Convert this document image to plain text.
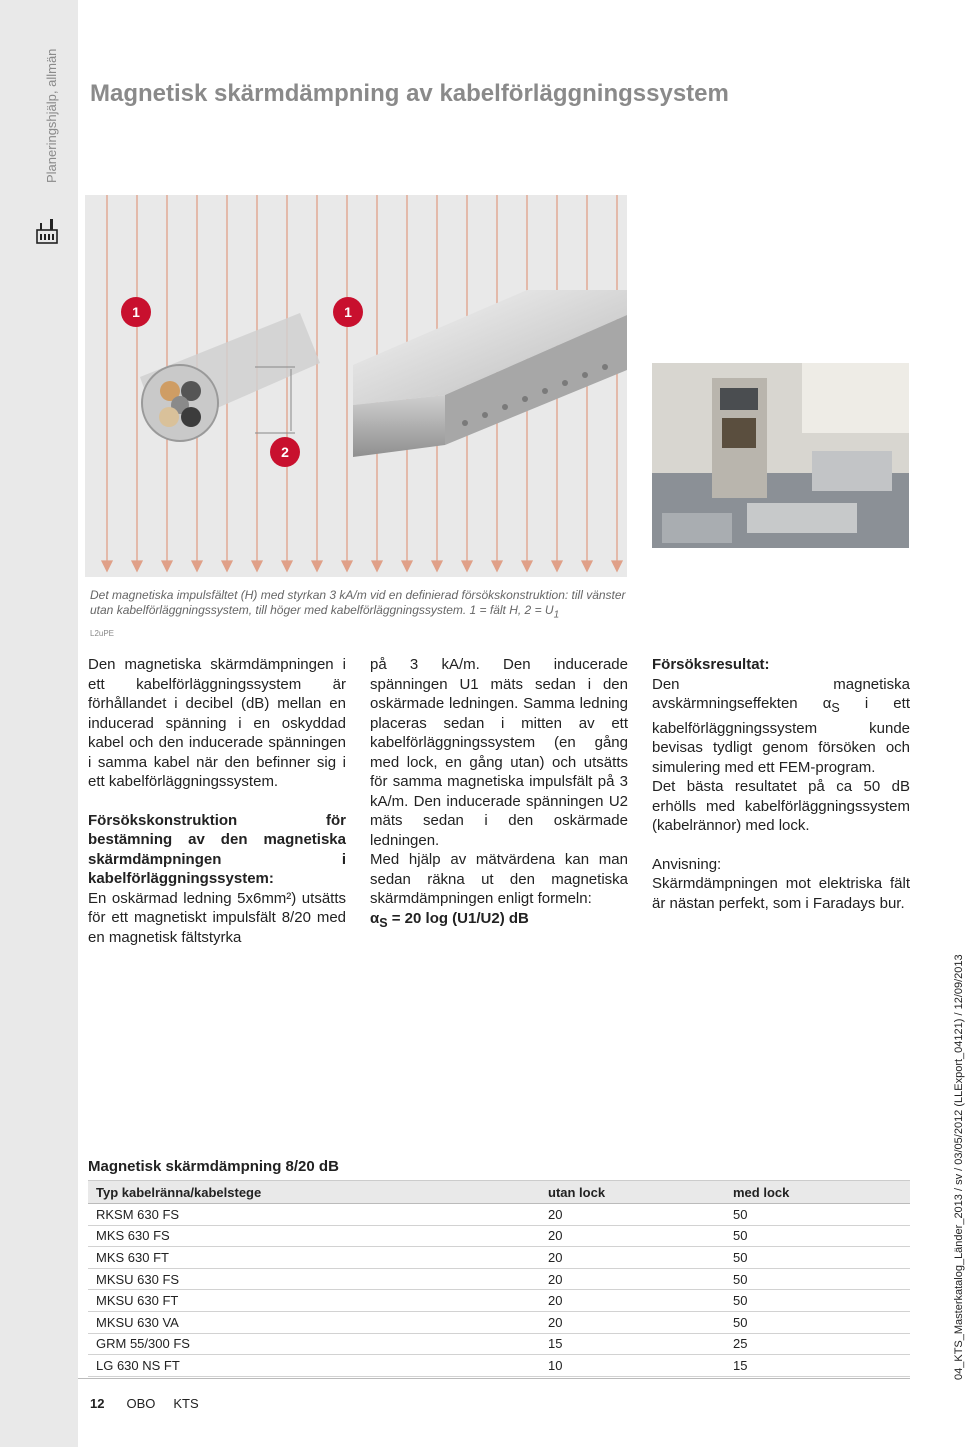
Planeringshjälp, allmän Magnetisk skärmdämpning av kabelförläggningssystem
1	1
2

Det magnetiska impulsfältet (H) med styrkan 3 kA/m vid en definierad försökskonstruktion: till vänster utan kabelförläggningssystem, till höger med kabelförläggningssystem. 1 = fält H, $2 = U_1$

L2uPE

Den magnetiska skärmdämpningen i ett kabelförläggningssystem är förhållandet i decibel (dB) mellan en inducerad spänning i en oskyddad kabel och den inducerade spänningen i samma kabel när den befinner sig i ett kabelförläggningssystem.

Försökskonstruktion för bestämning av den magnetiska skärmdämpningen i kabelförläggningssystem:

En oskärmad ledning 5x6mm²) utsätts för ett magnetiskt impulsfält 8/20 med en magnetisk fältstyrka

på 3 kA/m. Den inducerade spänningen U1 mäts sedan i den oskärmade ledningen. Samma ledning placeras sedan i mitten av ett kabelförläggningssystem (en gång med lock, en gång utan) och utsätts för samma magnetiska impulsfält på 3 kA/m. Den inducerade spänningen U2 mäts sedan i den oskärmade ledningen.

Med hjälp av mätvärdena kan man sedan räkna ut den magnetiska skärmdämpningen enligt formeln:

$\alpha_S = 20$ log (U1/U2) dB

Försöksresultat:

Den magnetiska avskärmningseffekten $\alpha_S$ i ett kabelförläggningssystem kunde bevisas tydligt genom försöken och simulering med ett FEM-program.

Det bästa resultatet på ca 50 dB erhölls med kabelförläggningssystem (kabelrännor) med lock.

Anvisning:

Skärmdämpningen mot elektriska fält är nästan perfekt, som i Faradays bur.

Magnetisk skärmdämpning 8/20 dB
Typ kabelränna/kabelstege	utan lock	med lock
RKSM 630 FS	20	50
MKS 630 FS	20	50
MKS 630 FT	20	50
MKSU 630 FS	20	50
MKSU 630 FT	20	50
MKSU 630 VA	20	50
GRM 55/300 FS	15	25
LG 630 NS FT	10	15
12 OBO KTS
04_KTS_Masterkatalog_Länder_2013 / sv / 03/05/2012 (LLExport_04121) / 12/09/2013
